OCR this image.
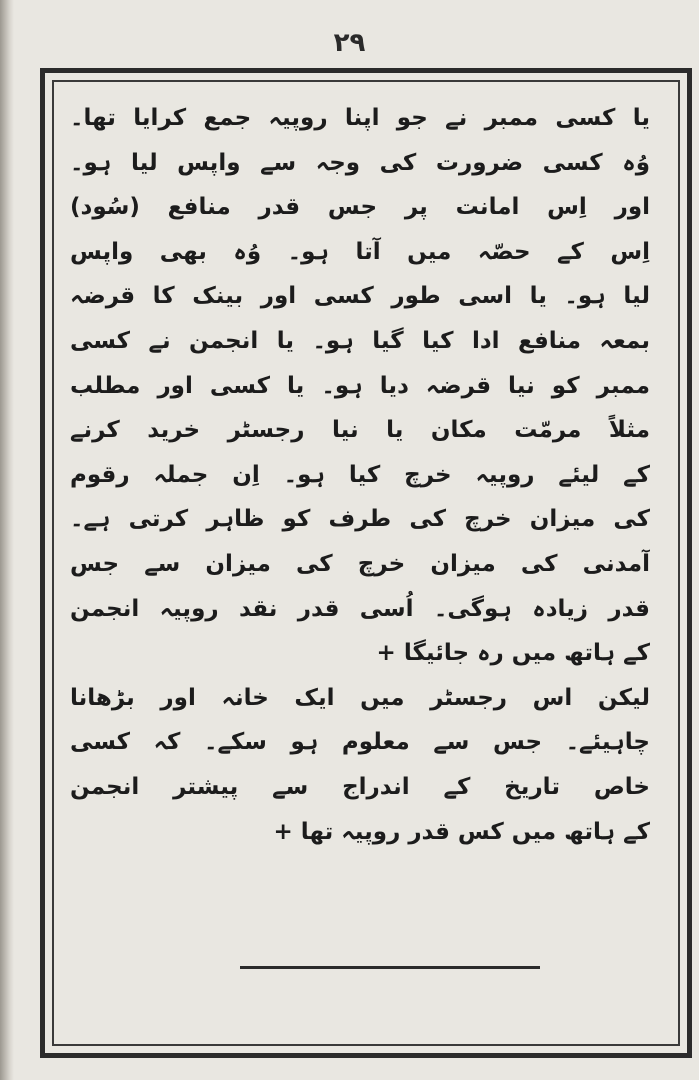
۲۹
یا کسی ممبر نے جو اپنا روپیہ جمع کرایا تھا۔
وُہ کسی ضرورت کی وجہ سے واپس لیا ہو۔
اور اِس امانت پر جس قدر منافع (سُود)
اِس کے حصّہ میں آتا ہو۔ وُہ بھی واپس
لیا ہو۔ یا اسی طور کسی اور بینک کا قرضہ
بمعہ منافع ادا کیا گیا ہو۔ یا انجمن نے کسی
ممبر کو نیا قرضہ دیا ہو۔ یا کسی اور مطلب
مثلاً مرمّت مکان یا نیا رجسٹر خرید کرنے
کے لیئے روپیہ خرچ کیا ہو۔ اِن جملہ رقوم
کی میزان خرچ کی طرف کو ظاہر کرتی ہے۔
آمدنی کی میزان خرچ کی میزان سے جس
قدر زیادہ ہوگی۔ اُسی قدر نقد روپیہ انجمن
کے ہاتھ میں رہ جائیگا +
لیکن اس رجسٹر میں ایک خانہ اور بڑھانا
چاہیئے۔ جس سے معلوم ہو سکے۔ کہ کسی
خاص تاریخ کے اندراج سے پیشتر انجمن
کے ہاتھ میں کس قدر روپیہ تھا +
